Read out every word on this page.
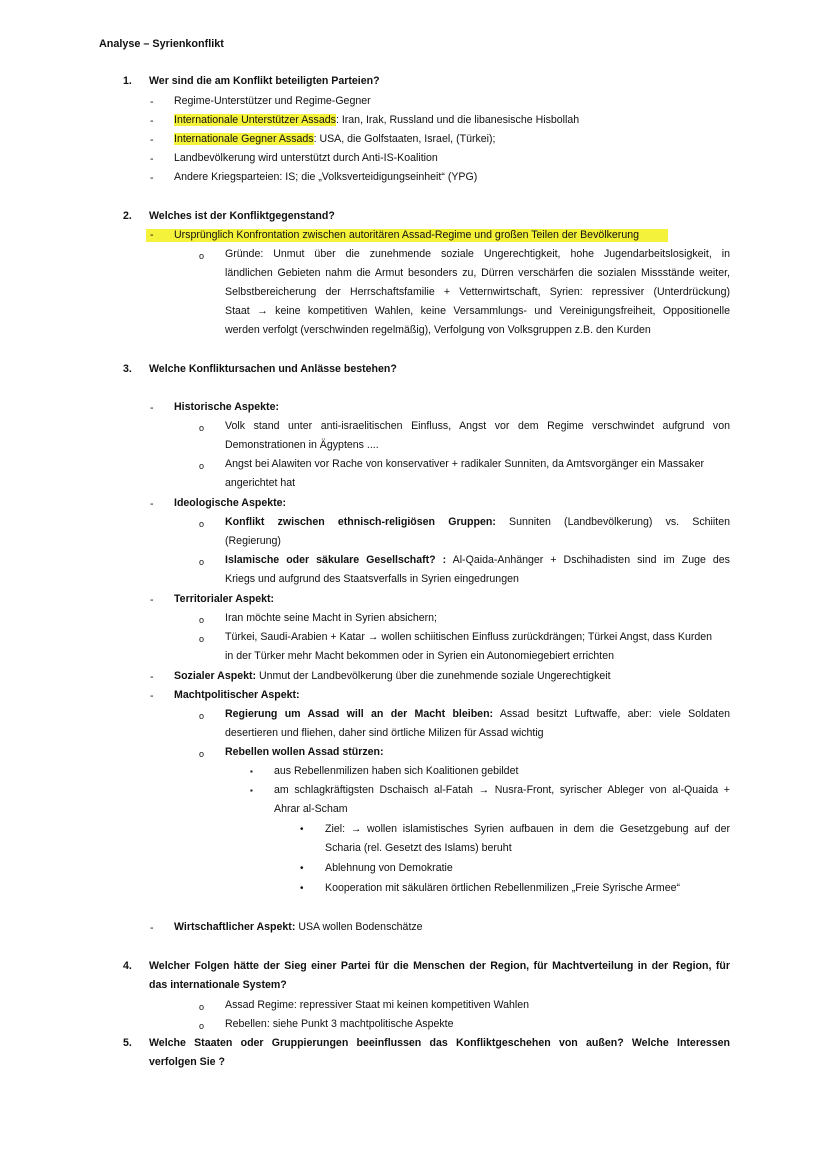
Analyse – Syrienkonflikt
1. Wer sind die am Konflikt beteiligten Parteien?
- Regime-Unterstützer und Regime-Gegner
- Internationale Unterstützer Assads: Iran, Irak, Russland und die libanesische Hisbollah
- Internationale Gegner Assads: USA, die Golfstaaten, Israel, (Türkei);
- Landbevölkerung wird unterstützt durch Anti-IS-Koalition
- Andere Kriegsparteien: IS; die „Volksverteidigungseinheit“ (YPG)
2. Welches ist der Konfliktgegenstand?
- Ursprünglich Konfrontation zwischen autoritären Assad-Regime und großen Teilen der Bevölkerung
o Gründe: Unmut über die zunehmende soziale Ungerechtigkeit, hohe Jugendarbeitslosigkeit, in
ländlichen Gebieten nahm die Armut besonders zu, Dürren verschärfen die sozialen Missstände weiter,
Selbstbereicherung der Herrschaftsfamilie + Vetternwirtschaft, Syrien: repressiver (Unterdrückung)
Staat → keine kompetitiven Wahlen, keine Versammlungs- und Vereinigungsfreiheit, Oppositionelle
werden verfolgt (verschwinden regelmäßig), Verfolgung von Volksgruppen z.B. den Kurden
3. Welche Konfliktursachen und Anlässe bestehen?
- Historische Aspekte:
o Volk stand unter anti-israelitischen Einfluss, Angst vor dem Regime verschwindet aufgrund von
Demonstrationen in Ägyptens ....
o Angst bei Alawiten vor Rache von konservativer + radikaler Sunniten, da Amtsvorgänger ein Massaker
angerichtet hat
- Ideologische Aspekte:
o Konflikt zwischen ethnisch-religiösen Gruppen: Sunniten (Landbevölkerung) vs. Schiiten
(Regierung)
o Islamische oder säkulare Gesellschaft? : Al-Qaida-Anhänger + Dschihadisten sind im Zuge des
Kriegs und aufgrund des Staatsverfalls in Syrien eingedrungen
- Territorialer Aspekt:
o Iran möchte seine Macht in Syrien absichern;
o Türkei, Saudi-Arabien + Katar → wollen schiitischen Einfluss zurückdrängen; Türkei Angst, dass Kurden
in der Türker mehr Macht bekommen oder in Syrien ein Autonomiegebiert errichten
- Sozialer Aspekt: Unmut der Landbevölkerung über die zunehmende soziale Ungerechtigkeit
- Machtpolitischer Aspekt:
o Regierung um Assad will an der Macht bleiben: Assad besitzt Luftwaffe, aber: viele Soldaten
desertieren und fliehen, daher sind örtliche Milizen für Assad wichtig
o Rebellen wollen Assad stürzen:
▪ aus Rebellenmilizen haben sich Koalitionen gebildet
▪ am schlagkräftigsten Dschaisch al-Fatah → Nusra-Front, syrischer Ableger von al-Quaida +
Ahrar al-Scham
• Ziel: → wollen islamistisches Syrien aufbauen in dem die Gesetzgebung auf der
Scharia (rel. Gesetzt des Islams) beruht
• Ablehnung von Demokratie
• Kooperation mit säkulären örtlichen Rebellenmilizen „Freie Syrische Armee“
- Wirtschaftlicher Aspekt: USA wollen Bodenschätze
4. Welcher Folgen hätte der Sieg einer Partei für die Menschen der Region, für Machtverteilung in der Region, für
das internationale System?
o Assad Regime: repressiver Staat mi keinen kompetitiven Wahlen
o Rebellen: siehe Punkt 3 machtpolitische Aspekte
5. Welche Staaten oder Gruppierungen beeinflussen das Konfliktgeschehen von außen? Welche Interessen
verfolgen Sie ?
